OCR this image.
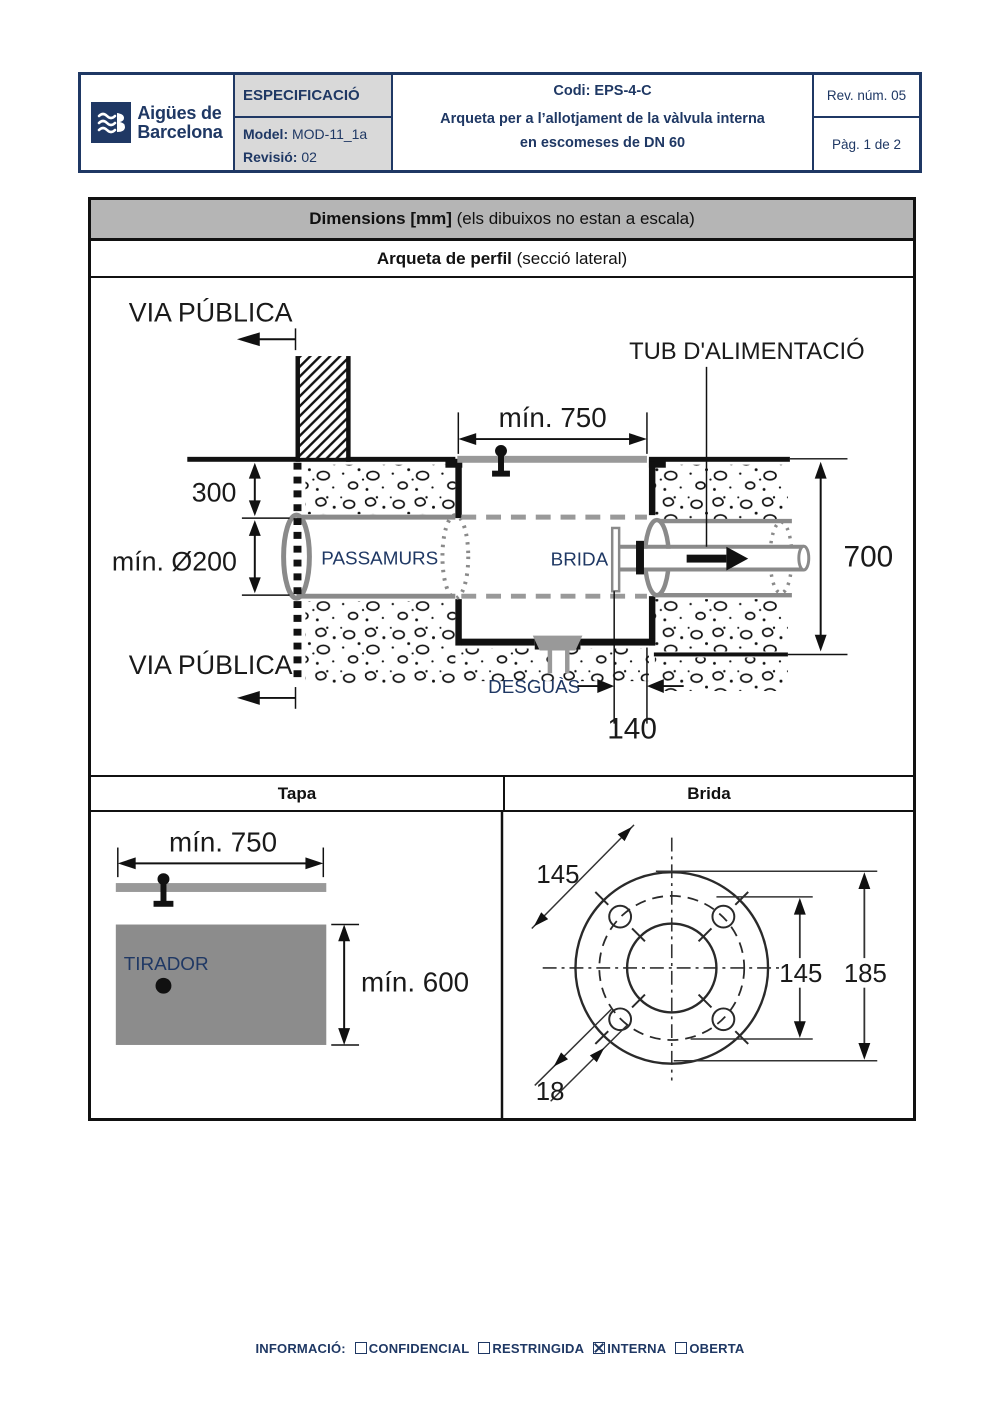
Aigües de
Barcelona
ESPECIFICACIÓ
Model: MOD-11_1a
Revisió: 02
Codi: EPS-4-C
Arqueta per a l’allotjament de la vàlvula interna
en escomeses de DN 60
Rev. núm. 05
Pàg. 1 de 2
Dimensions [mm] (els dibuixos no estan a escala)
Arqueta de perfil (secció lateral)
VIA PÚBLICA
TUB D'ALIMENTACIÓ
mín. 750
300
mín. Ø200	PASSAMURS	BRIDA	700
VIA PÚBLICA
DESGUÀS
140
Tapa	Brida
mín. 750
TIRADOR
mín. 600
145
145 185
18
INFORMACIÓ: CONFIDENCIAL RESTRINGIDA INTERNA OBERTA
